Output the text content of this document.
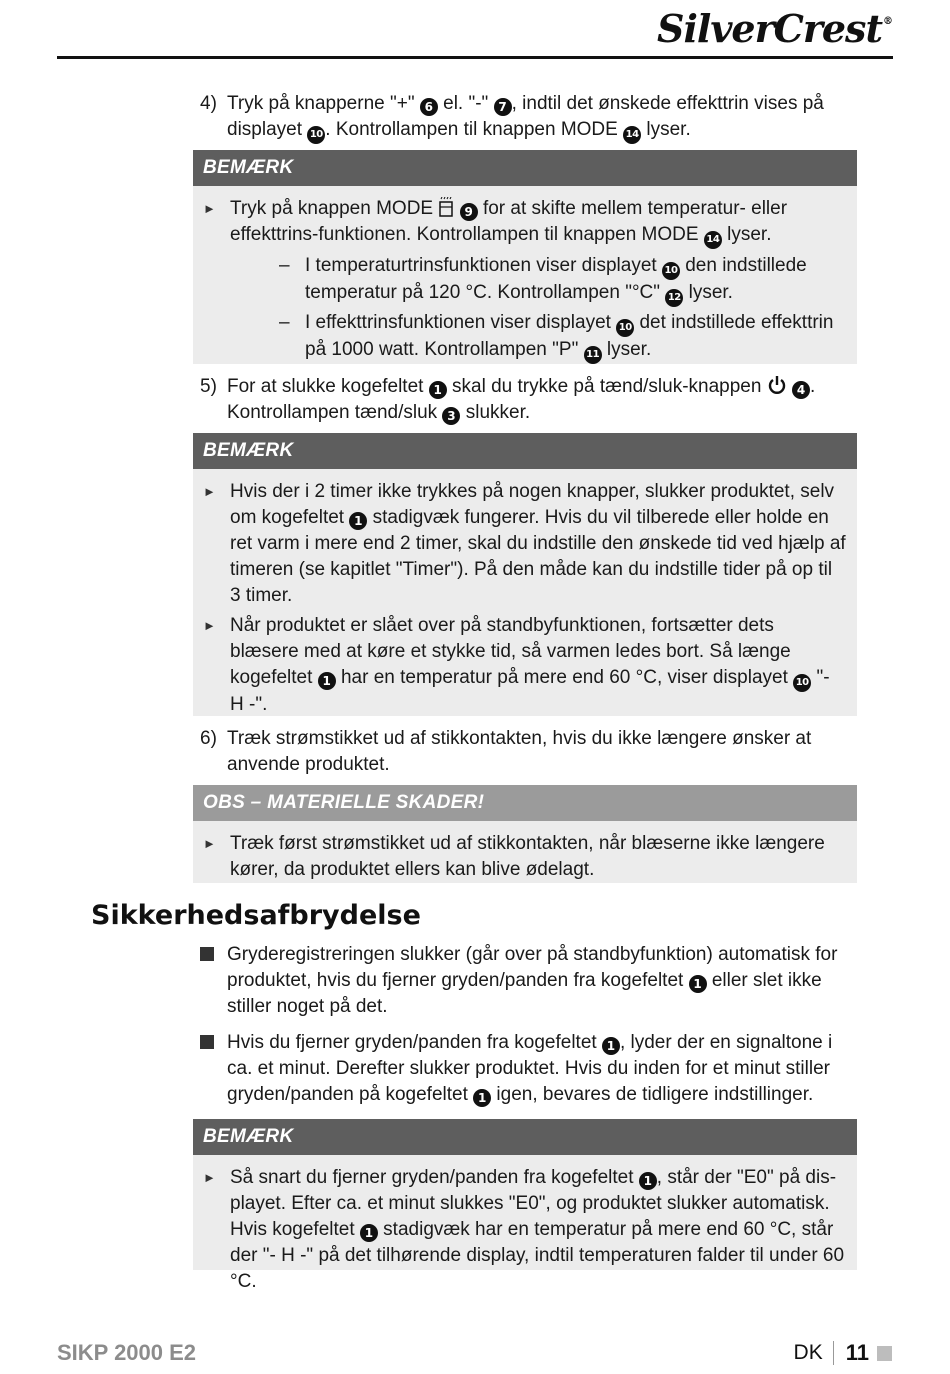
SilverCrest®
4) Tryk på knapperne "+" 6 el. "-" 7 , indtil det ønskede effekttrin vises på displayet 10 . Kontrollampen til knappen MODE 14 lyser.
BEMÆRK
► Tryk på knappen MODE  9 for at skifte mellem temperatur- eller effekttrins-funktionen. Kontrollampen til knappen MODE 14 lyser.
– I temperaturtrinsfunktionen viser displayet 10 den indstillede temperatur på 120 °C. Kontrollampen "°C" 12 lyser.
– I effekttrinsfunktionen viser displayet 10 det indstillede effekttrin på 1000 watt. Kontrollampen "P" 11 lyser.
5) For at slukke kogefeltet 1 skal du trykke på tænd/sluk-knappen	4 . Kontrollampen tænd/sluk 3 slukker.
BEMÆRK
► Hvis der i 2 timer ikke trykkes på nogen knapper, slukker produktet, selv om kogefeltet 1 stadigvæk fungerer. Hvis du vil tilberede eller holde en ret varm i mere end 2 timer, skal du indstille den ønskede tid ved hjælp af timeren (se kapitlet "Timer"). På den måde kan du indstille tider på op til 3 timer.
► Når produktet er slået over på standbyfunktionen, fortsætter dets blæsere med at køre et stykke tid, så varmen ledes bort. Så længe kogefeltet 1 har en temperatur på mere end 60 °C, viser displayet 10 "- H -".
6) Træk strømstikket ud af stikkontakten, hvis du ikke længere ønsker at anvende produktet.
OBS – MATERIELLE SKADER!
► Træk først strømstikket ud af stikkontakten, når blæserne ikke længere kører, da produktet ellers kan blive ødelagt.
Sikkerhedsafbrydelse
Gryderegistreringen slukker (går over på standbyfunktion) automatisk for produktet, hvis du fjerner gryden/panden fra kogefeltet 1 eller slet ikke stiller noget på det.
Hvis du fjerner gryden/panden fra kogefeltet 1 , lyder der en signaltone i ca. et minut. Derefter slukker produktet. Hvis du inden for et minut stiller gryden/panden på kogefeltet 1 igen, bevares de tidligere indstillinger.
BEMÆRK
► Så snart du fjerner gryden/panden fra kogefeltet 1 , står der "E0" på dis-playet. Efter ca. et minut slukkes "E0", og produktet slukker automatisk. Hvis kogefeltet 1 stadigvæk har en temperatur på mere end 60 °C, står der "- H -" på det tilhørende display, indtil temperaturen falder til under 60 °C.
SIKP 2000 E2	DK 11
